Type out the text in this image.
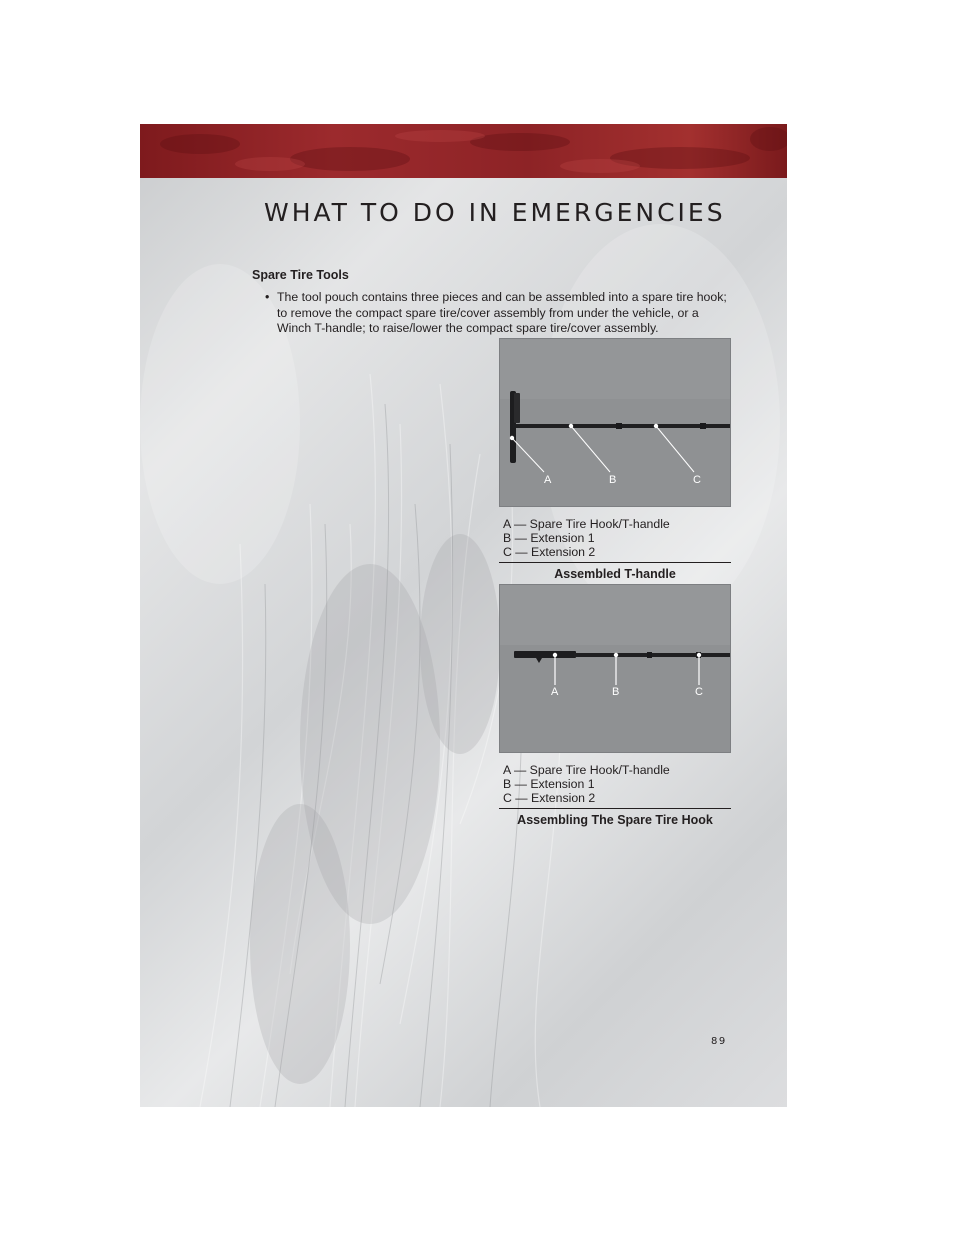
WHAT TO DO IN EMERGENCIES
Spare Tire Tools
• The tool pouch contains three pieces and can be assembled into a spare tire hook; to remove the compact spare tire/cover assembly from under the vehicle, or a Winch T-handle; to raise/lower the compact spare tire/cover assembly.

A	B	C
A — Spare Tire Hook/T-handle
B — Extension 1
C — Extension 2
Assembled T-handle
A	B	C
A — Spare Tire Hook/T-handle
B — Extension 1
C — Extension 2
Assembling The Spare Tire Hook
89
